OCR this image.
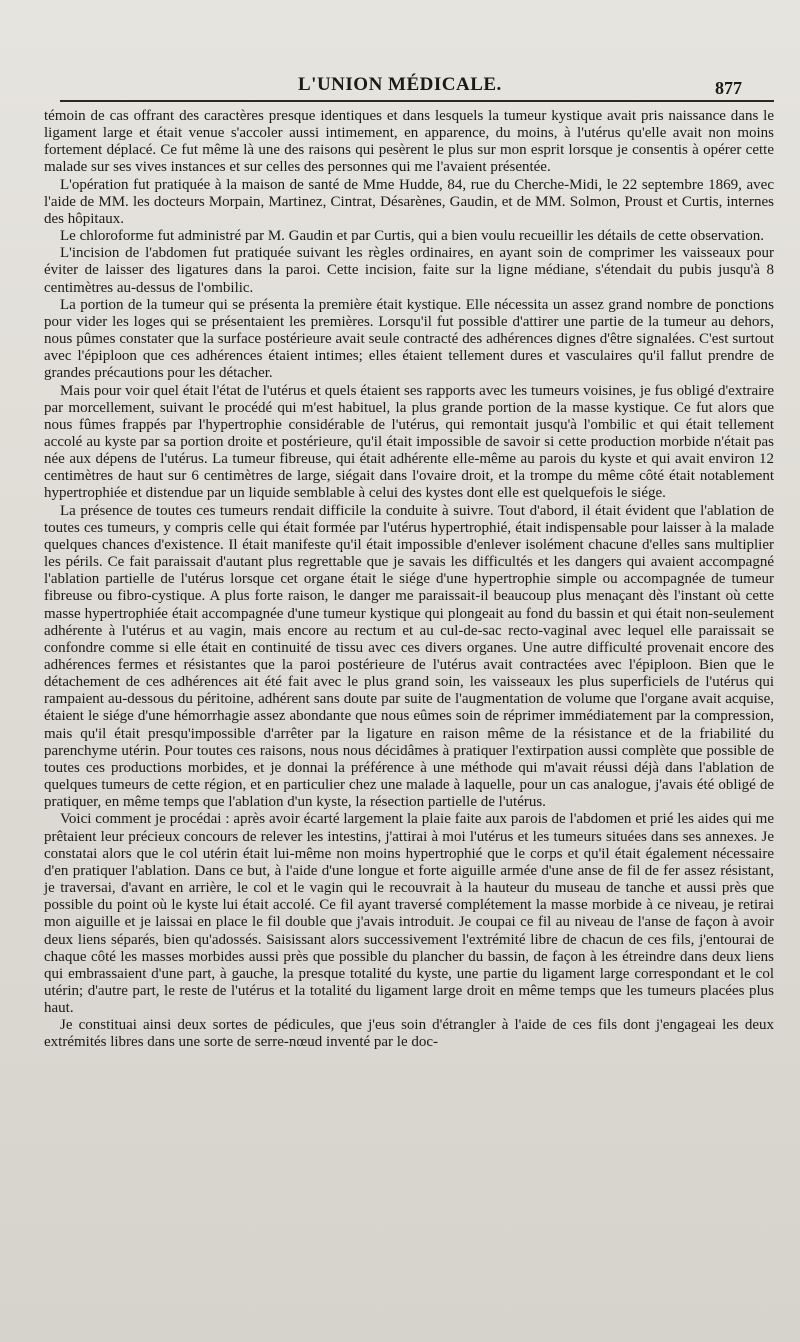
L'UNION MÉDICALE.	877

témoin de cas offrant des caractères presque identiques et dans lesquels la tumeur kystique avait pris naissance dans le ligament large et était venue s'accoler aussi intimement, en apparence, du moins, à l'utérus qu'elle avait non moins fortement déplacé. Ce fut même là une des raisons qui pesèrent le plus sur mon esprit lorsque je consentis à opérer cette malade sur ses vives instances et sur celles des personnes qui me l'avaient présentée.

L'opération fut pratiquée à la maison de santé de Mme Hudde, 84, rue du Cherche-Midi, le 22 septembre 1869, avec l'aide de MM. les docteurs Morpain, Martinez, Cintrat, Désarènes, Gaudin, et de MM. Solmon, Proust et Curtis, internes des hôpitaux.

Le chloroforme fut administré par M. Gaudin et par Curtis, qui a bien voulu recueillir les détails de cette observation.

L'incision de l'abdomen fut pratiquée suivant les règles ordinaires, en ayant soin de comprimer les vaisseaux pour éviter de laisser des ligatures dans la paroi. Cette incision, faite sur la ligne médiane, s'étendait du pubis jusqu'à 8 centimètres au-dessus de l'ombilic.

La portion de la tumeur qui se présenta la première était kystique. Elle nécessita un assez grand nombre de ponctions pour vider les loges qui se présentaient les premières. Lorsqu'il fut possible d'attirer une partie de la tumeur au dehors, nous pûmes constater que la surface postérieure avait seule contracté des adhérences dignes d'être signalées. C'est surtout avec l'épiploon que ces adhérences étaient intimes; elles étaient tellement dures et vasculaires qu'il fallut prendre de grandes précautions pour les détacher.

Mais pour voir quel était l'état de l'utérus et quels étaient ses rapports avec les tumeurs voisines, je fus obligé d'extraire par morcellement, suivant le procédé qui m'est habituel, la plus grande portion de la masse kystique. Ce fut alors que nous fûmes frappés par l'hypertrophie considérable de l'utérus, qui remontait jusqu'à l'ombilic et qui était tellement accolé au kyste par sa portion droite et postérieure, qu'il était impossible de savoir si cette production morbide n'était pas née aux dépens de l'utérus. La tumeur fibreuse, qui était adhérente elle-même au parois du kyste et qui avait environ 12 centimètres de haut sur 6 centimètres de large, siégait dans l'ovaire droit, et la trompe du même côté était notablement hypertrophiée et distendue par un liquide semblable à celui des kystes dont elle est quelquefois le siége.

La présence de toutes ces tumeurs rendait difficile la conduite à suivre. Tout d'abord, il était évident que l'ablation de toutes ces tumeurs, y compris celle qui était formée par l'utérus hypertrophié, était indispensable pour laisser à la malade quelques chances d'existence. Il était manifeste qu'il était impossible d'enlever isolément chacune d'elles sans multiplier les périls. Ce fait paraissait d'autant plus regrettable que je savais les difficultés et les dangers qui avaient accompagné l'ablation partielle de l'utérus lorsque cet organe était le siége d'une hypertrophie simple ou accompagnée de tumeur fibreuse ou fibro-cystique. A plus forte raison, le danger me paraissait-il beaucoup plus menaçant dès l'instant où cette masse hypertrophiée était accompagnée d'une tumeur kystique qui plongeait au fond du bassin et qui était non-seulement adhérente à l'utérus et au vagin, mais encore au rectum et au cul-de-sac recto-vaginal avec lequel elle paraissait se confondre comme si elle était en continuité de tissu avec ces divers organes. Une autre difficulté provenait encore des adhérences fermes et résistantes que la paroi postérieure de l'utérus avait contractées avec l'épiploon. Bien que le détachement de ces adhérences ait été fait avec le plus grand soin, les vaisseaux les plus superficiels de l'utérus qui rampaient au-dessous du péritoine, adhérent sans doute par suite de l'augmentation de volume que l'organe avait acquise, étaient le siége d'une hémorrhagie assez abondante que nous eûmes soin de réprimer immédiatement par la compression, mais qu'il était presqu'impossible d'arrêter par la ligature en raison même de la résistance et de la friabilité du parenchyme utérin. Pour toutes ces raisons, nous nous décidâmes à pratiquer l'extirpation aussi complète que possible de toutes ces productions morbides, et je donnai la préférence à une méthode qui m'avait réussi déjà dans l'ablation de quelques tumeurs de cette région, et en particulier chez une malade à laquelle, pour un cas analogue, j'avais été obligé de pratiquer, en même temps que l'ablation d'un kyste, la résection partielle de l'utérus.

Voici comment je procédai : après avoir écarté largement la plaie faite aux parois de l'abdomen et prié les aides qui me prêtaient leur précieux concours de relever les intestins, j'attirai à moi l'utérus et les tumeurs situées dans ses annexes. Je constatai alors que le col utérin était lui-même non moins hypertrophié que le corps et qu'il était également nécessaire d'en pratiquer l'ablation. Dans ce but, à l'aide d'une longue et forte aiguille armée d'une anse de fil de fer assez résistant, je traversai, d'avant en arrière, le col et le vagin qui le recouvrait à la hauteur du museau de tanche et aussi près que possible du point où le kyste lui était accolé. Ce fil ayant traversé complétement la masse morbide à ce niveau, je retirai mon aiguille et je laissai en place le fil double que j'avais introduit. Je coupai ce fil au niveau de l'anse de façon à avoir deux liens séparés, bien qu'adossés. Saisissant alors successivement l'extrémité libre de chacun de ces fils, j'entourai de chaque côté les masses morbides aussi près que possible du plancher du bassin, de façon à les étreindre dans deux liens qui embrassaient d'une part, à gauche, la presque totalité du kyste, une partie du ligament large correspondant et le col utérin; d'autre part, le reste de l'utérus et la totalité du ligament large droit en même temps que les tumeurs placées plus haut.

Je constituai ainsi deux sortes de pédicules, que j'eus soin d'étrangler à l'aide de ces fils dont j'engageai les deux extrémités libres dans une sorte de serre-nœud inventé par le doc-
